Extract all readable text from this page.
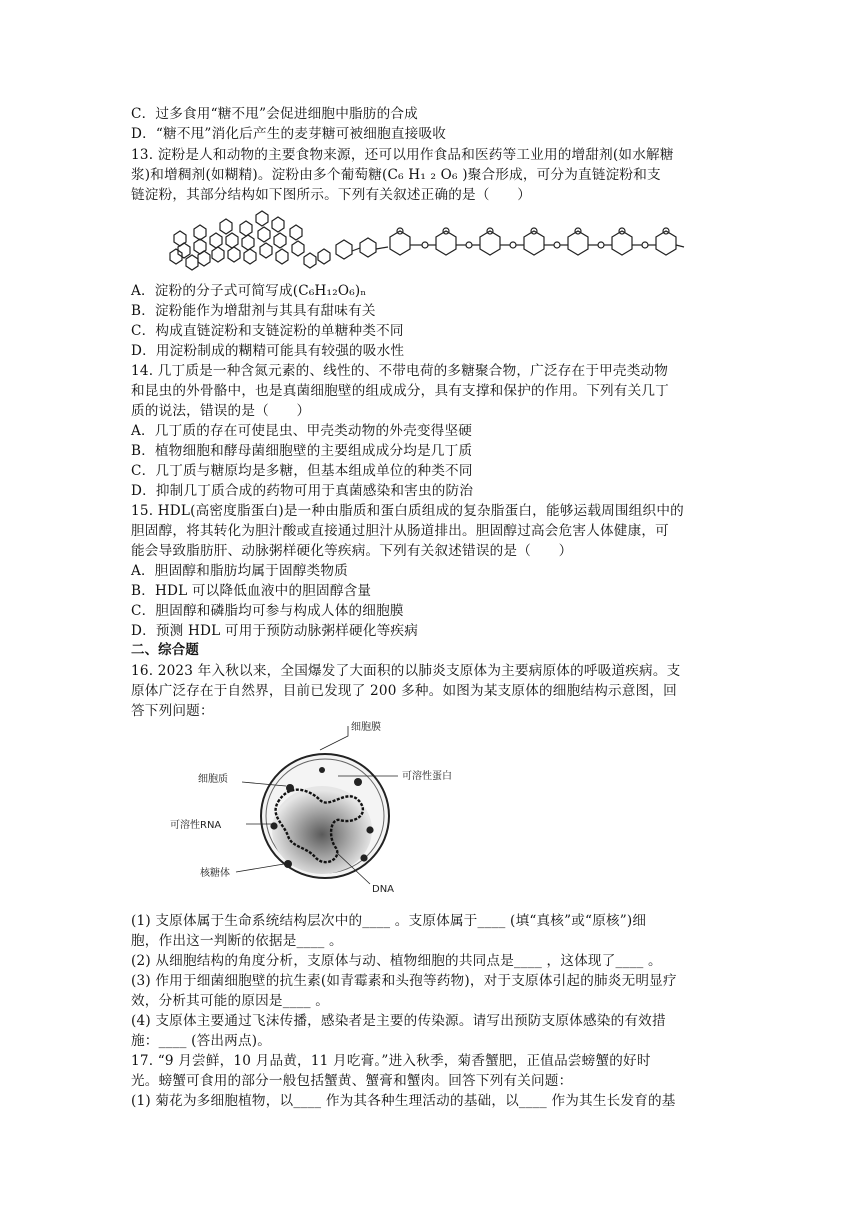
C．过多食用“糖不甩”会促进细胞中脂肪的合成
D．“糖不甩”消化后产生的麦芽糖可被细胞直接吸收
13. 淀粉是人和动物的主要食物来源，还可以用作食品和医药等工业用的增甜剂(如水解糖
浆)和增稠剂(如糊精)。淀粉由多个葡萄糖(C₆ H₁ ₂ O₆ )聚合形成，可分为直链淀粉和支
链淀粉，其部分结构如下图所示。下列有关叙述正确的是（　　）
A．淀粉的分子式可简写成(C₆H₁₂O₆)ₙ
B．淀粉能作为增甜剂与其具有甜味有关
C．构成直链淀粉和支链淀粉的单糖种类不同
D．用淀粉制成的糊精可能具有较强的吸水性
14. 几丁质是一种含氮元素的、线性的、不带电荷的多糖聚合物，广泛存在于甲壳类动物
和昆虫的外骨骼中，也是真菌细胞壁的组成成分，具有支撑和保护的作用。下列有关几丁
质的说法，错误的是（　　）
A．几丁质的存在可使昆虫、甲壳类动物的外壳变得坚硬
B．植物细胞和酵母菌细胞壁的主要组成成分均是几丁质
C．几丁质与糖原均是多糖，但基本组成单位的种类不同
D．抑制几丁质合成的药物可用于真菌感染和害虫的防治
15. HDL(高密度脂蛋白)是一种由脂质和蛋白质组成的复杂脂蛋白，能够运载周围组织中的
胆固醇，将其转化为胆汁酸或直接通过胆汁从肠道排出。胆固醇过高会危害人体健康，可
能会导致脂肪肝、动脉粥样硬化等疾病。下列有关叙述错误的是（　　）
A．胆固醇和脂肪均属于固醇类物质
B．HDL 可以降低血液中的胆固醇含量
C．胆固醇和磷脂均可参与构成人体的细胞膜
D．预测 HDL 可用于预防动脉粥样硬化等疾病
二、综合题
16. 2023 年入秋以来，全国爆发了大面积的以肺炎支原体为主要病原体的呼吸道疾病。支
原体广泛存在于自然界，目前已发现了 200 多种。如图为某支原体的细胞结构示意图，回
答下列问题：
细胞膜
可溶性蛋白
细胞质
可溶性RNA
核糖体
DNA
(1) 支原体属于生命系统结构层次中的____ 。支原体属于____ (填“真核”或“原核”)细
胞，作出这一判断的依据是____ 。
(2) 从细胞结构的角度分析，支原体与动、植物细胞的共同点是____ ，这体现了____ 。
(3) 作用于细菌细胞壁的抗生素(如青霉素和头孢等药物)，对于支原体引起的肺炎无明显疗
效，分析其可能的原因是____ 。
(4) 支原体主要通过飞沫传播，感染者是主要的传染源。请写出预防支原体感染的有效措
施：____ (答出两点)。
17. “9 月尝鲜，10 月品黄，11 月吃膏。”进入秋季，菊香蟹肥，正值品尝螃蟹的好时
光。螃蟹可食用的部分一般包括蟹黄、蟹膏和蟹肉。回答下列有关问题：
(1) 菊花为多细胞植物，以____ 作为其各种生理活动的基础，以____ 作为其生长发育的基
